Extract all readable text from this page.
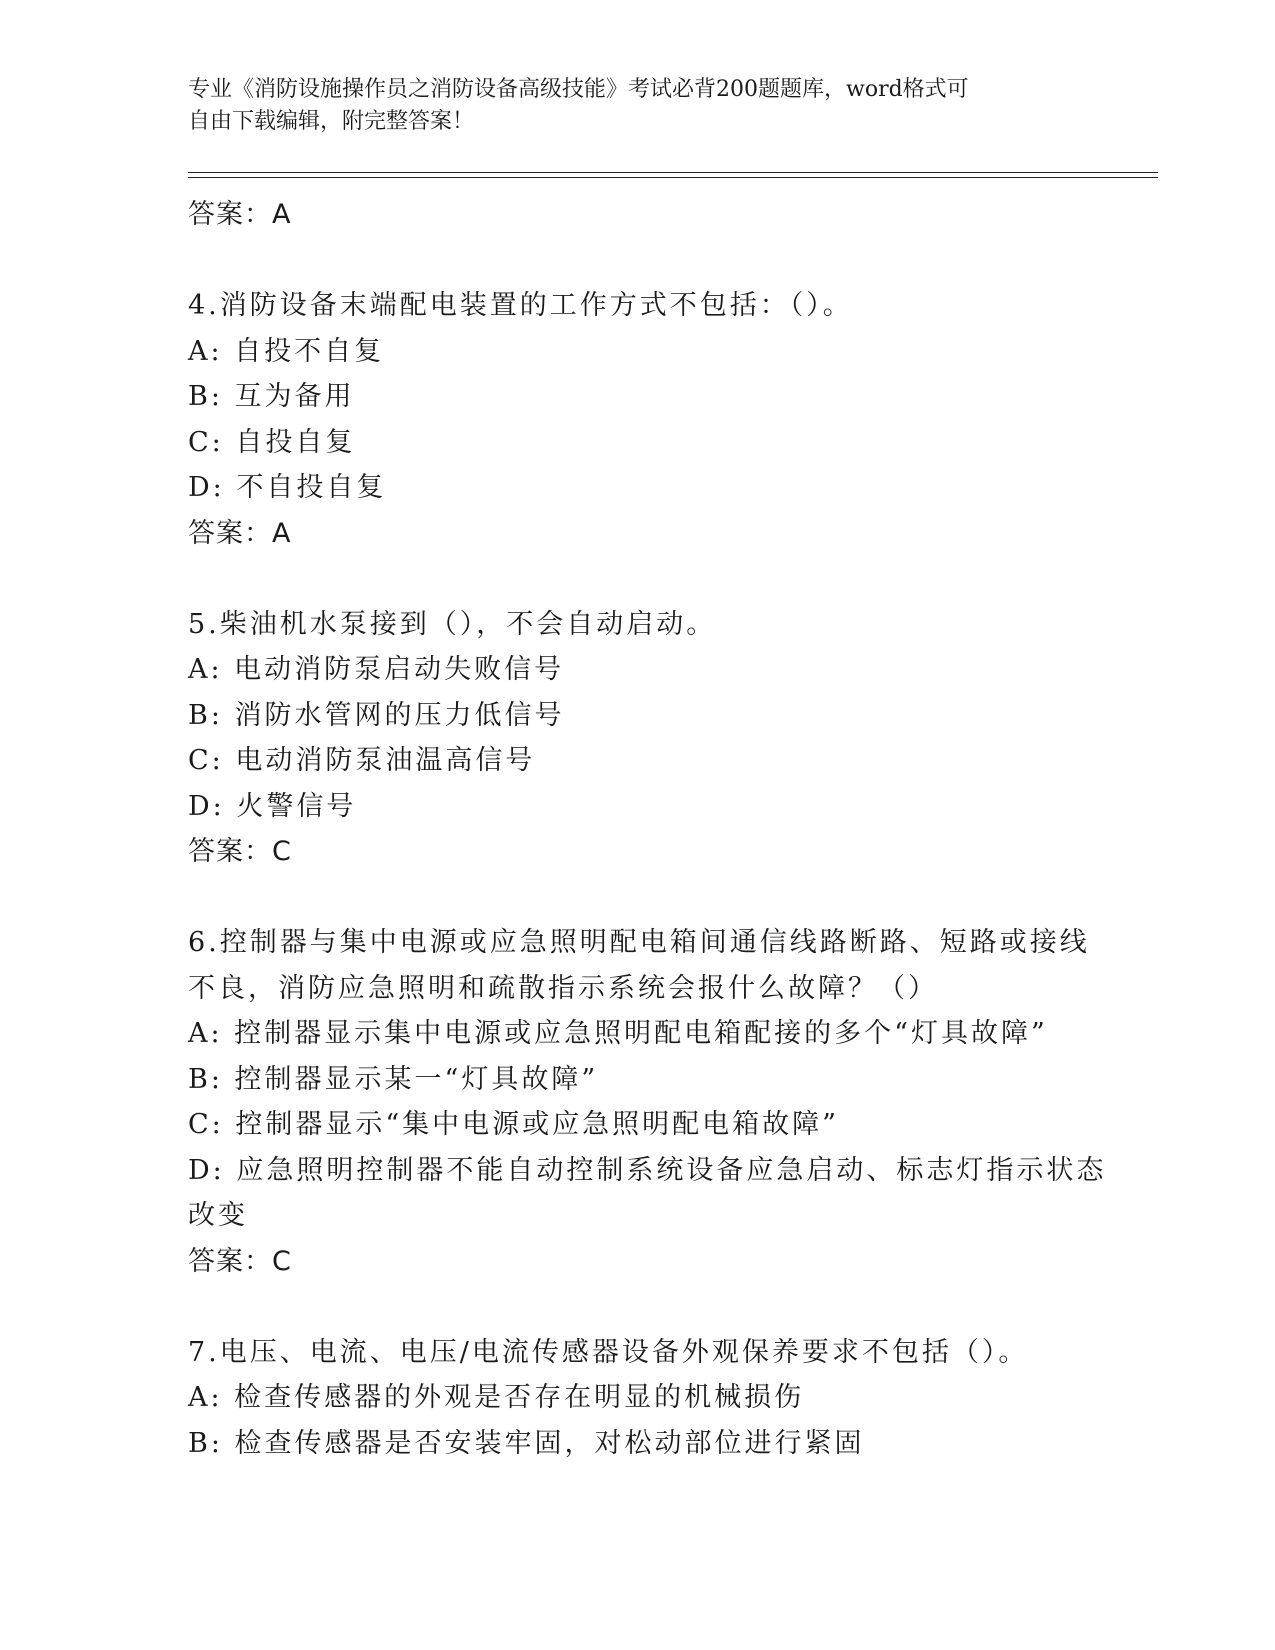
专业《消防设施操作员之消防设备高级技能》考试必背200题题库，word格式可
自由下载编辑，附完整答案！
答案：A
4.消防设备末端配电装置的工作方式不包括：（）。
A: 自投不自复
B: 互为备用
C: 自投自复
D: 不自投自复
答案：A
5.柴油机水泵接到（），不会自动启动。
A: 电动消防泵启动失败信号
B: 消防水管网的压力低信号
C: 电动消防泵油温高信号
D: 火警信号
答案：C
6.控制器与集中电源或应急照明配电箱间通信线路断路、短路或接线
不良，消防应急照明和疏散指示系统会报什么故障？（）
A: 控制器显示集中电源或应急照明配电箱配接的多个“灯具故障”
B: 控制器显示某一“灯具故障”
C: 控制器显示“集中电源或应急照明配电箱故障”
D: 应急照明控制器不能自动控制系统设备应急启动、标志灯指示状态
改变
答案：C
7.电压、电流、电压/电流传感器设备外观保养要求不包括（）。
A: 检查传感器的外观是否存在明显的机械损伤
B: 检查传感器是否安装牢固，对松动部位进行紧固
